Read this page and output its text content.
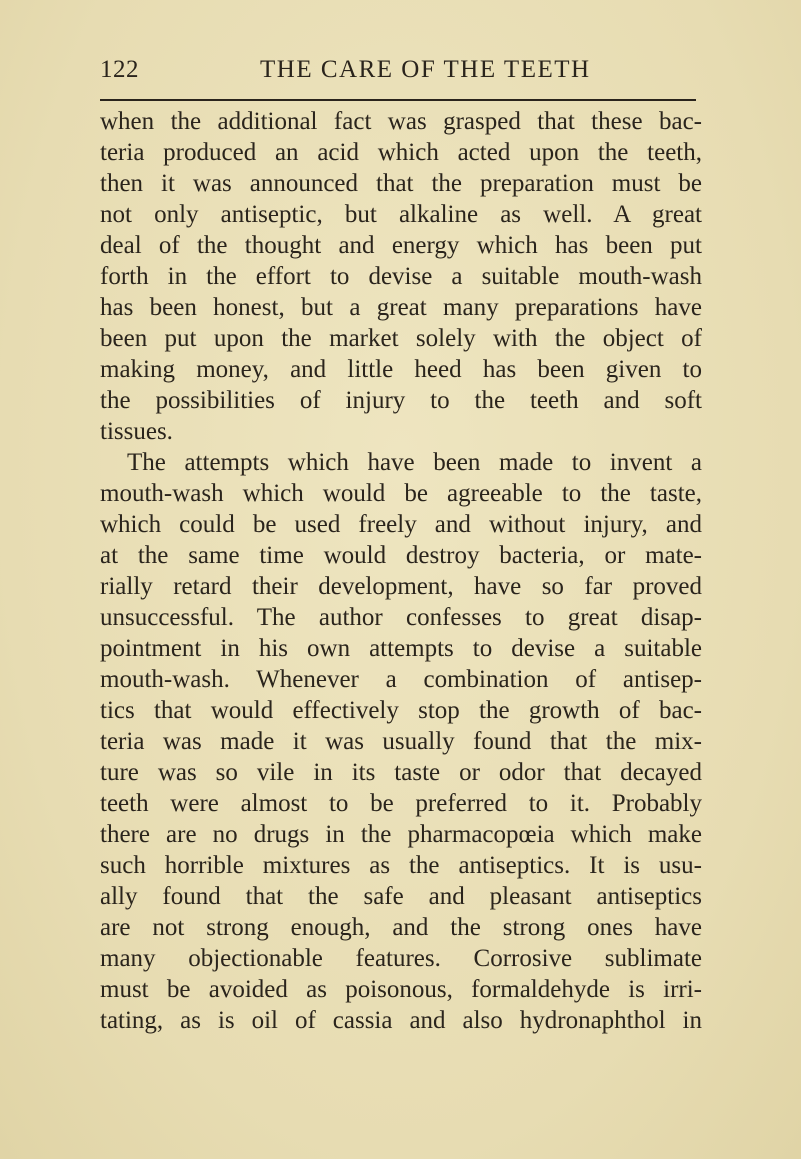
122	THE CARE OF THE TEETH
when the additional fact was grasped that these bac-
teria produced an acid which acted upon the teeth,
then it was announced that the preparation must be
not only antiseptic, but alkaline as well. A great
deal of the thought and energy which has been put
forth in the effort to devise a suitable mouth-wash
has been honest, but a great many preparations have
been put upon the market solely with the object of
making money, and little heed has been given to
the possibilities of injury to the teeth and soft
tissues.
The attempts which have been made to invent a
mouth-wash which would be agreeable to the taste,
which could be used freely and without injury, and
at the same time would destroy bacteria, or mate-
rially retard their development, have so far proved
unsuccessful. The author confesses to great disap-
pointment in his own attempts to devise a suitable
mouth-wash. Whenever a combination of antisep-
tics that would effectively stop the growth of bac-
teria was made it was usually found that the mix-
ture was so vile in its taste or odor that decayed
teeth were almost to be preferred to it. Probably
there are no drugs in the pharmacopœia which make
such horrible mixtures as the antiseptics. It is usu-
ally found that the safe and pleasant antiseptics
are not strong enough, and the strong ones have
many objectionable features. Corrosive sublimate
must be avoided as poisonous, formaldehyde is irri-
tating, as is oil of cassia and also hydronaphthol in
